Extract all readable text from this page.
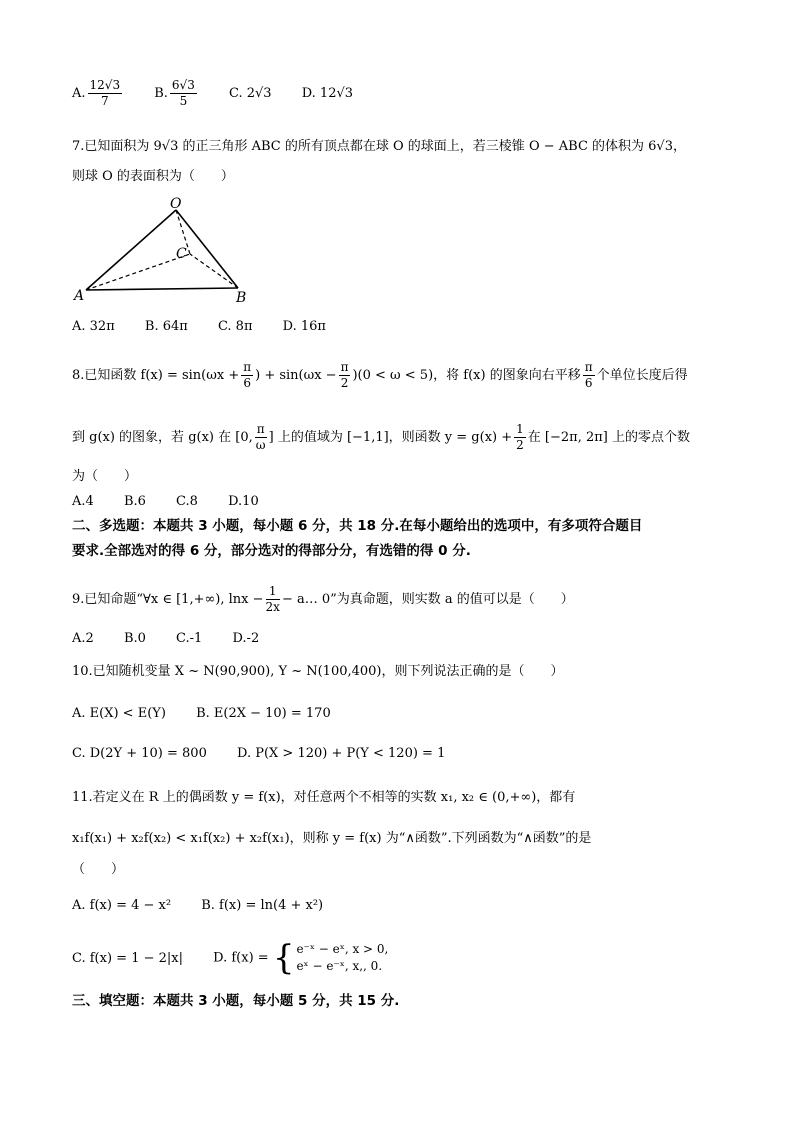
A. $\frac{12√3}{7} B$. $\frac{6√3}{5} C$. 2√3 D. 12√3
7.已知面积为 9√3 的正三角形 ABC 的所有顶点都在球 O 的球面上，若三棱锥 O − ABC 的体积为 6√3，
则球 O 的表面积为（　　）
O
C
A	B
A. 32π B. 64π C. 8π D. 16π
8.已知函数 $f(x) = \sin(\omega x + \frac{\pi}{6}$ ) + $\sin(\omega x - \frac{\pi}{2} )(0 < \omega < 5)$，将 f(x) 的图象向右平移 $\frac{\pi}{6}$ 个单位长度后得
到 g(x) 的图象，若 g(x) 在 [0, $\frac{\pi}{\omega}$ ] 上的值域为 [−1,1]，则函数 $y = g(x) + \frac{1}{2}$ 在 [−2π, 2π] 上的零点个数
为（　　）
A.4 B.6 C.8 D.10
二、多选题：本题共 3 小题，每小题 6 分，共 18 分.在每小题给出的选项中，有多项符合题目
要求.全部选对的得 6 分，部分选对的得部分分，有选错的得 0 分.
9.已知命题“∀x ∈ [1,+∞), $\ln x - \frac{1}{2x}$ − a… 0”为真命题，则实数 a 的值可以是（　　）
A.2 B.0 C.-1 D.-2
10.已知随机变量 X ~ N(90,900), Y ~ N(100,400)，则下列说法正确的是（　　）
A. E(X) < E(Y) B. E(2X − 10) = 170
C. D(2Y + 10) = 800 D. P(X > 120) + P(Y < 120) = 1
11.若定义在 R 上的偶函数 y = f(x)，对任意两个不相等的实数 x₁, x₂ ∈ (0,+∞)，都有
x₁f(x₁) + x₂f(x₂) < x₁f(x₂) + x₂f(x₁)，则称 y = f(x) 为“∧函数”.下列函数为“∧函数”的是
（　　）
A. f(x) = 4 − x² B. f(x) = ln(4 + x²)
C. f(x) = 1 − 2|x| D. f(x) = { e⁻ˣ − eˣ, x > 0,
eˣ − e⁻ˣ, x,, 0.
三、填空题：本题共 3 小题，每小题 5 分，共 15 分.
